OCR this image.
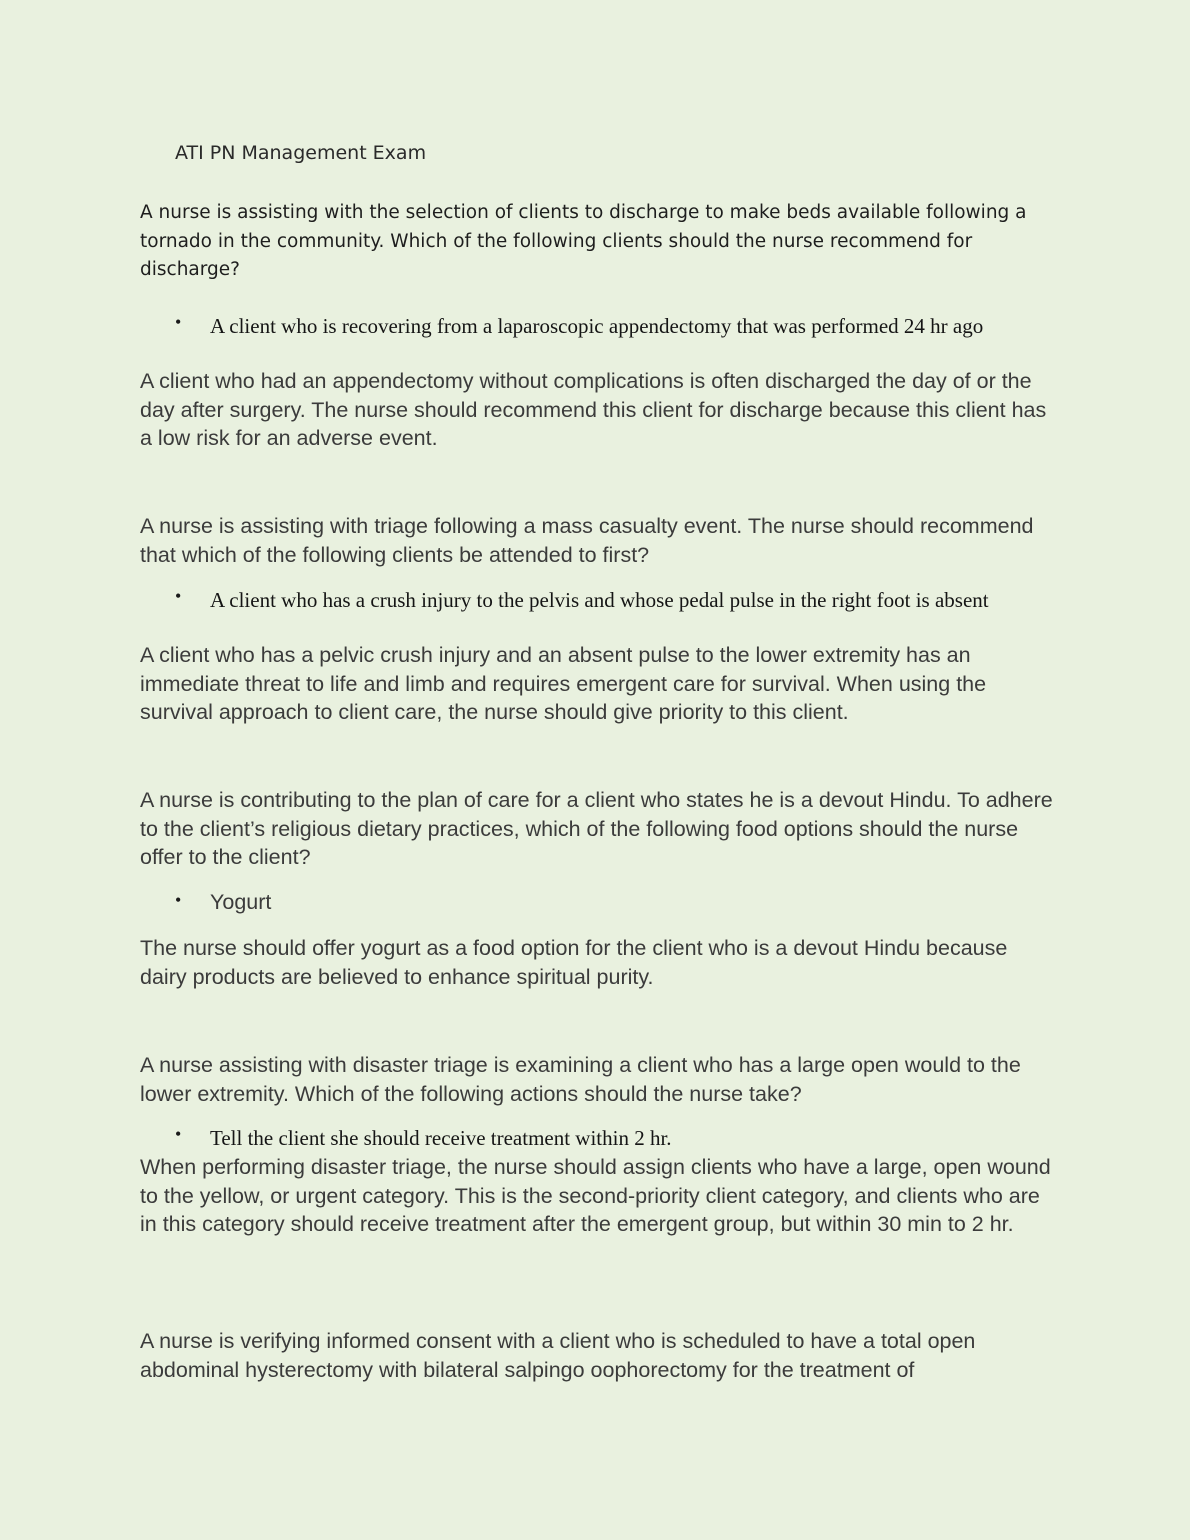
ATI PN Management Exam
A nurse is assisting with the selection of clients to discharge to make beds available following a tornado in the community. Which of the following clients should the nurse recommend for discharge?
•	A client who is recovering from a laparoscopic appendectomy that was performed 24 hr ago
A client who had an appendectomy without complications is often discharged the day of or the day after surgery. The nurse should recommend this client for discharge because this client has a low risk for an adverse event.
A nurse is assisting with triage following a mass casualty event. The nurse should recommend that which of the following clients be attended to first?
•	A client who has a crush injury to the pelvis and whose pedal pulse in the right foot is absent
A client who has a pelvic crush injury and an absent pulse to the lower extremity has an immediate threat to life and limb and requires emergent care for survival. When using the survival approach to client care, the nurse should give priority to this client.
A nurse is contributing to the plan of care for a client who states he is a devout Hindu. To adhere to the client’s religious dietary practices, which of the following food options should the nurse offer to the client?
•	Yogurt
The nurse should offer yogurt as a food option for the client who is a devout Hindu because dairy products are believed to enhance spiritual purity.
A nurse assisting with disaster triage is examining a client who has a large open would to the lower extremity. Which of the following actions should the nurse take?
•	Tell the client she should receive treatment within 2 hr.
When performing disaster triage, the nurse should assign clients who have a large, open wound to the yellow, or urgent category. This is the second-priority client category, and clients who are in this category should receive treatment after the emergent group, but within 30 min to 2 hr.
A nurse is verifying informed consent with a client who is scheduled to have a total open abdominal hysterectomy with bilateral salpingo oophorectomy for the treatment of
